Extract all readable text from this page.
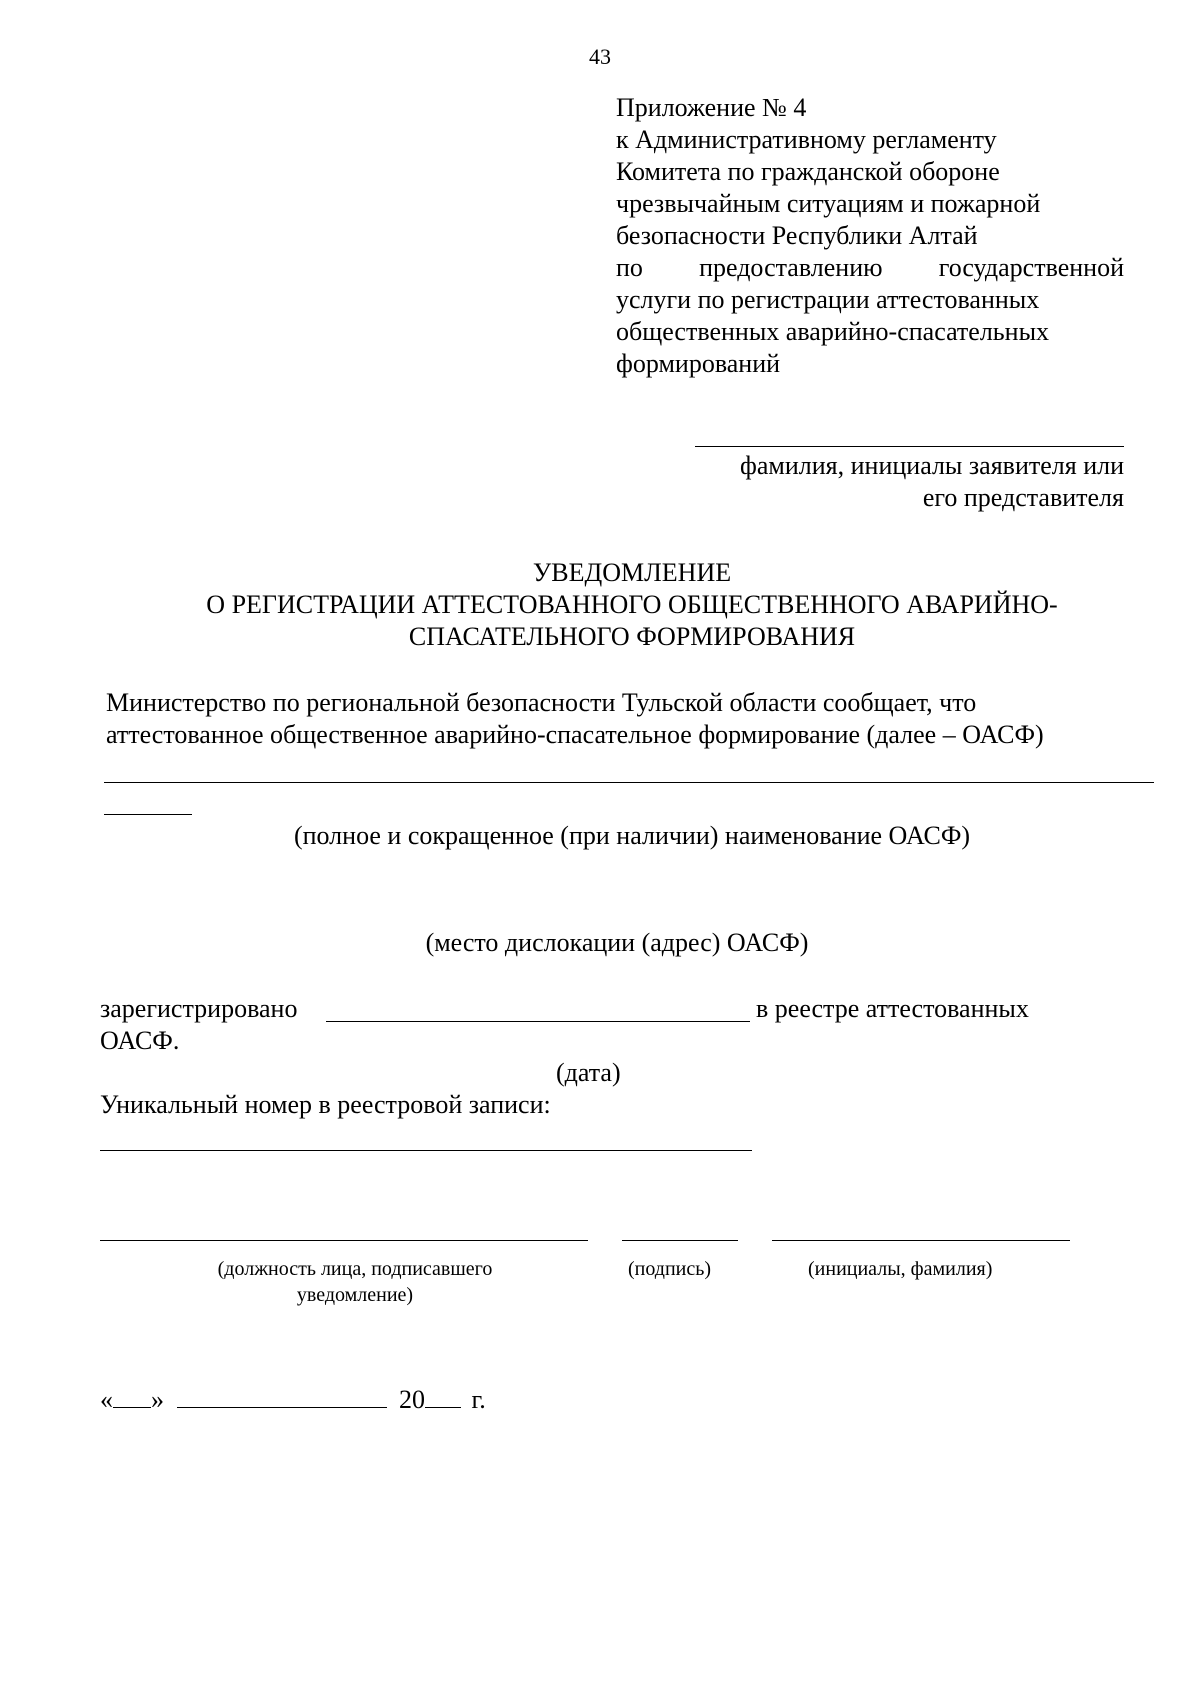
43
Приложение № 4
к Административному регламенту
Комитета по гражданской обороне
чрезвычайным ситуациям и пожарной
безопасности Республики Алтай
по предоставлению государственной
услуги по регистрации аттестованных
общественных аварийно-спасательных
формирований
фамилия, инициалы заявителя или
его представителя
УВЕДОМЛЕНИЕ
О РЕГИСТРАЦИИ АТТЕСТОВАННОГО ОБЩЕСТВЕННОГО АВАРИЙНО-
СПАСАТЕЛЬНОГО ФОРМИРОВАНИЯ
Министерство по региональной безопасности Тульской области сообщает, что
аттестованное общественное аварийно-спасательное формирование (далее – ОАСФ)
(полное и сокращенное (при наличии) наименование ОАСФ)
(место дислокации (адрес) ОАСФ)
зарегистрировано	в реестре аттестованных
ОАСФ.
(дата)
Уникальный номер в реестровой записи:
(должность лица, подписавшего
уведомление)
(подпись)	(инициалы, фамилия)
« »	20 г.
